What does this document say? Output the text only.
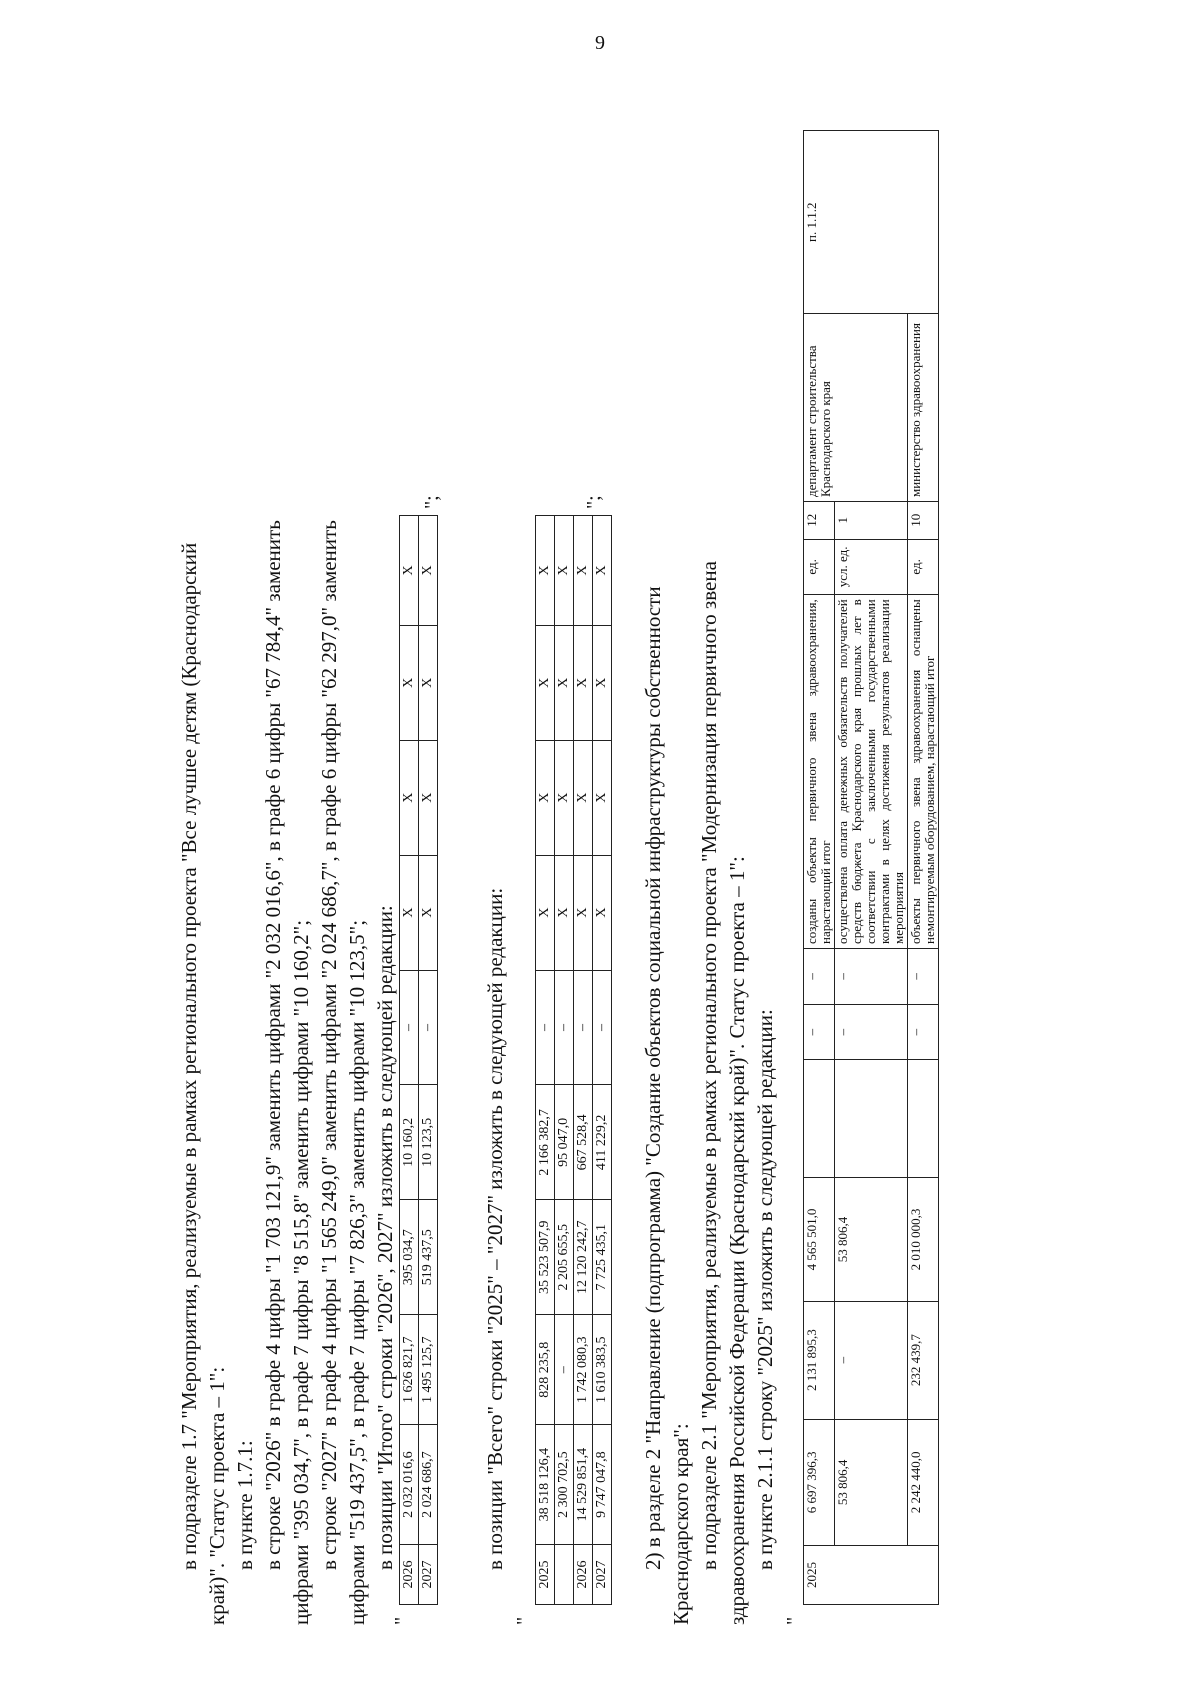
9
в подразделе 1.7 "Мероприятия, реализуемые в рамках регионального проекта "Все лучшее детям (Краснодарский край)". "Статус проекта – 1": в пункте 1.7.1: в строке "2026" в графе 4 цифры "1 703 121,9" заменить цифрами "2 032 016,6", в графе 6 цифры "67 784,4" заменить цифрами "395 034,7", в графе 7 цифры "8 515,8" заменить цифрами "10 160,2"; в строке "2027" в графе 4 цифры "1 565 249,0" заменить цифрами "2 024 686,7", в графе 6 цифры "62 297,0" заменить цифрами "519 437,5", в графе 7 цифры "7 826,3" заменить цифрами "10 123,5"; в позиции "Итого" строки "2026", 2027" изложить в следующей редакции:
"
2026	2 032 016,6	1 626 821,7	395 034,7	10 160,2	–	X	X	X	X
2027	2 024 686,7	1 495 125,7	519 437,5	10 123,5	–	X	X	X	X
";
в позиции "Всего" строки "2025" – "2027" изложить в следующей редакции:
"
2025	38 518 126,4	828 235,8	35 523 507,9	2 166 382,7	–	X	X	X	X
	2 300 702,5	–	2 205 655,5	95 047,0	–	X	X	X	X
2026	14 529 851,4	1 742 080,3	12 120 242,7	667 528,4	–	X	X	X	X
2027	9 747 047,8	1 610 383,5	7 725 435,1	411 229,2	–	X	X	X	X
";
2) в разделе 2 "Направление (подпрограмма) "Создание объектов социальной инфраструктуры собственности Краснодарского края": в подразделе 2.1 "Мероприятия, реализуемые в рамках регионального проекта "Модернизация первичного звена здравоохранения Российской Федерации (Краснодарский край)". Статус проекта – 1": в пункте 2.1.1 строку "2025" изложить в следующей редакции:
"
2025	6 697 396,3	2 131 895,3	4 565 501,0		–	–	созданы объекты первичного звена здравоохранения, нарастающий итог	ед.	12	департамент строительства Краснодарского края	п. 1.1.2
	53 806,4	–	53 806,4		–	–	осуществлена оплата денежных обязательств получателей средств бюджета Краснодарского края прошлых лет в соответствии с заключенными государственными контрактами в целях достижения результатов реализации мероприятия	усл. ед.	1		
	2 242 440,0	232 439,7	2 010 000,3		–	–	объекты первичного звена здравоохранения оснащены немонтируемым оборудованием, нарастающий итог	ед.	10	министерство здравоохранения	
